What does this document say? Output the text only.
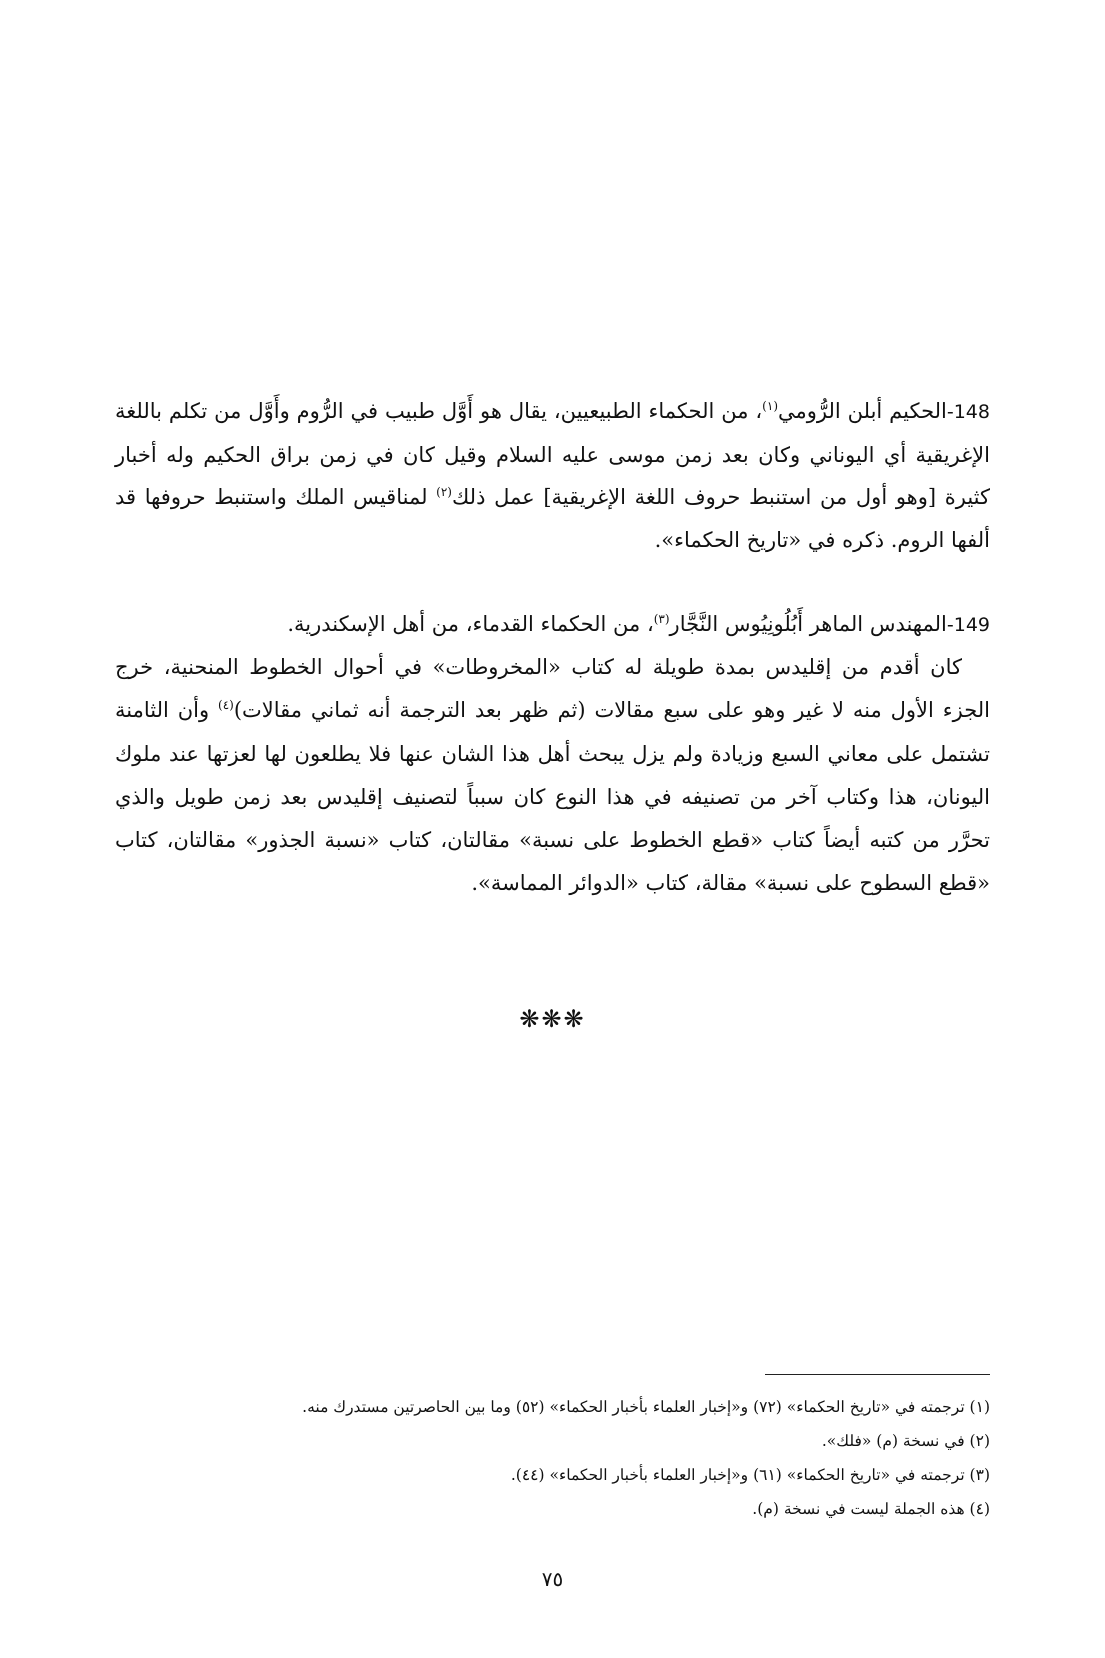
148-الحكيم أبلن الرُّومي$^{(١)}$، من الحكماء الطبيعيين، يقال هو أَوَّل طبيب في الرُّوم وأَوَّل من تكلم باللغة الإغريقية أي اليوناني وكان بعد زمن موسى عليه السلام وقيل كان في زمن براق الحكيم وله أخبار كثيرة [وهو أول من استنبط حروف اللغة الإغريقية] عمل ذلك$^{(٢)}$ لمناقيس الملك واستنبط حروفها قد ألفها الروم. ذكره في «تاريخ الحكماء».

149-المهندس الماهر أَبُلُونِيُوس النَّجَّار$^{(٣)}$، من الحكماء القدماء، من أهل الإسكندرية.

كان أقدم من إقليدس بمدة طويلة له كتاب «المخروطات» في أحوال الخطوط المنحنية، خرج الجزء الأول منه لا غير وهو على سبع مقالات (ثم ظهر بعد الترجمة أنه ثماني مقالات)$^{(٤)}$ وأن الثامنة تشتمل على معاني السبع وزيادة ولم يزل يبحث أهل هذا الشان عنها فلا يطلعون لها لعزتها عند ملوك اليونان، هذا وكتاب آخر من تصنيفه في هذا النوع كان سبباً لتصنيف إقليدس بعد زمن طويل والذي تحرَّر من كتبه أيضاً كتاب «قطع الخطوط على نسبة» مقالتان، كتاب «نسبة الجذور» مقالتان، كتاب «قطع السطوح على نسبة» مقالة، كتاب «الدوائر المماسة».

❋❋❋

(١) ترجمته في «تاريخ الحكماء» (٧٢) و«إخبار العلماء بأخبار الحكماء» (٥٢) وما بين الحاصرتين مستدرك منه.

(٢) في نسخة (م) «فلك».

(٣) ترجمته في «تاريخ الحكماء» (٦١) و«إخبار العلماء بأخبار الحكماء» (٤٤).

(٤) هذه الجملة ليست في نسخة (م).

٧٥
